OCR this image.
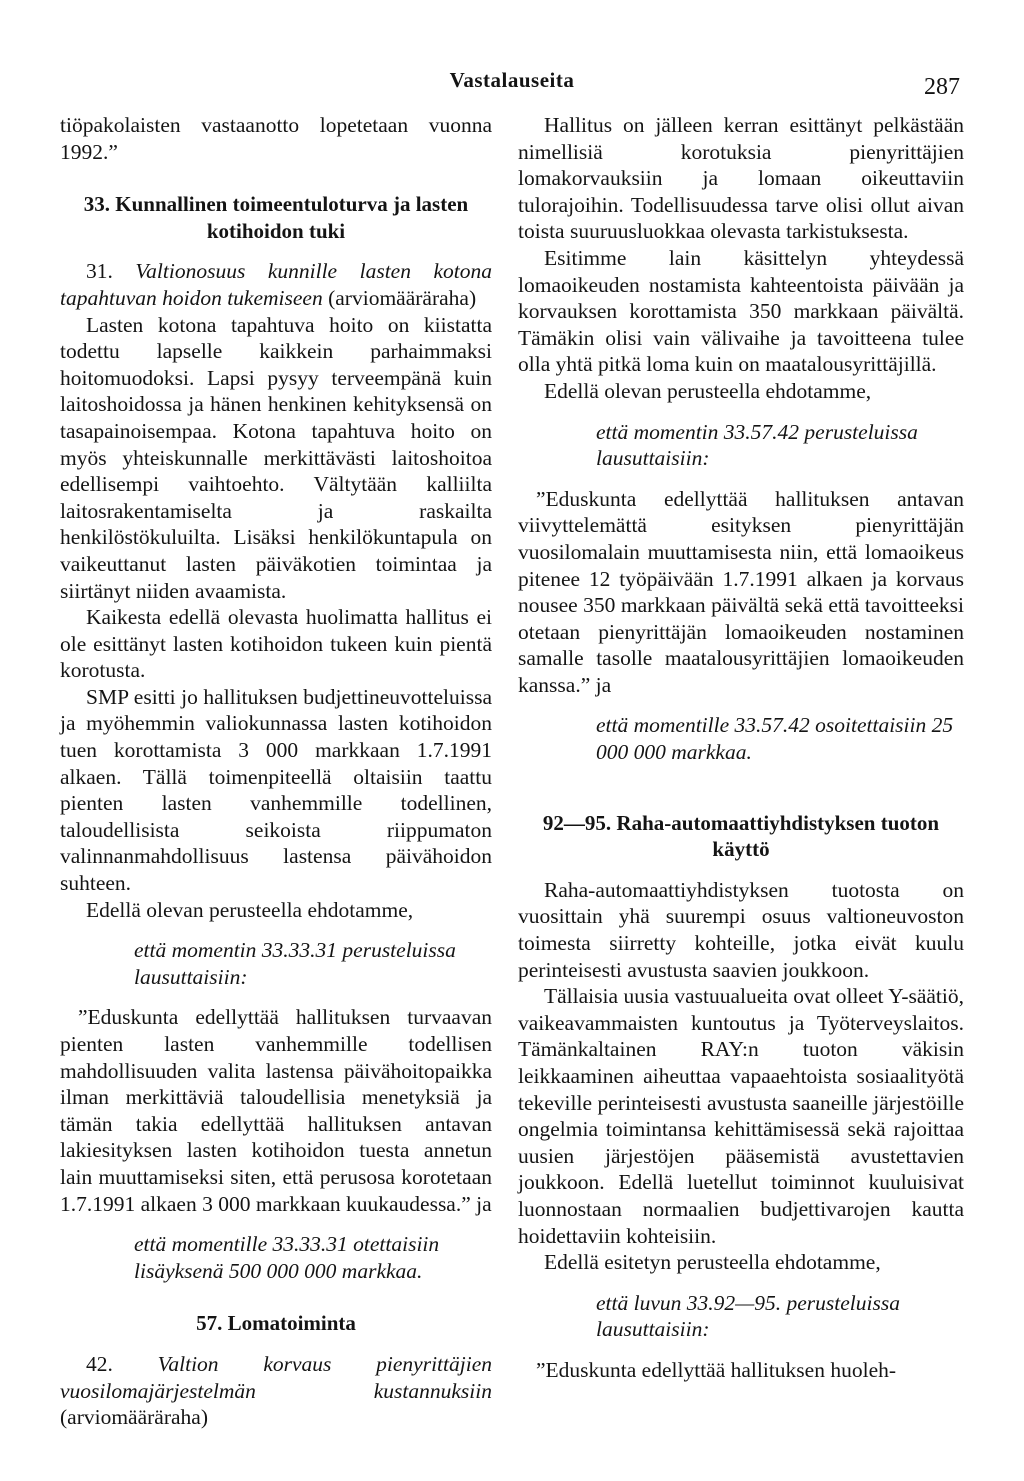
Vastalauseita	287

tiöpakolaisten vastaanotto lopetetaan vuonna 1992.”

33. Kunnallinen toimeentuloturva ja lasten kotihoidon tuki

31. Valtionosuus kunnille lasten kotona tapahtuvan hoidon tukemiseen (arviomääräraha)

Lasten kotona tapahtuva hoito on kiistatta todettu lapselle kaikkein parhaimmaksi hoitomuodoksi. Lapsi pysyy terveempänä kuin laitoshoidossa ja hänen henkinen kehityksensä on tasapainoisempaa. Kotona tapahtuva hoito on myös yhteiskunnalle merkittävästi laitoshoitoa edellisempi vaihtoehto. Vältytään kalliilta laitosrakentamiselta ja raskailta henkilöstökuluilta. Lisäksi henkilökuntapula on vaikeuttanut lasten päiväkotien toimintaa ja siirtänyt niiden avaamista.

Kaikesta edellä olevasta huolimatta hallitus ei ole esittänyt lasten kotihoidon tukeen kuin pientä korotusta.

SMP esitti jo hallituksen budjettineuvotteluissa ja myöhemmin valiokunnassa lasten kotihoidon tuen korottamista 3 000 markkaan 1.7.1991 alkaen. Tällä toimenpiteellä oltaisiin taattu pienten lasten vanhemmille todellinen, taloudellisista seikoista riippumaton valinnanmahdollisuus lastensa päivähoidon suhteen.

Edellä olevan perusteella ehdotamme,

että momentin 33.33.31 perusteluissa lausuttaisiin:

”Eduskunta edellyttää hallituksen turvaavan pienten lasten vanhemmille todellisen mahdollisuuden valita lastensa päivähoitopaikka ilman merkittäviä taloudellisia menetyksiä ja tämän takia edellyttää hallituksen antavan lakiesityksen lasten kotihoidon tuesta annetun lain muuttamiseksi siten, että perusosa korotetaan 1.7.1991 alkaen 3 000 markkaan kuukaudessa.” ja

että momentille 33.33.31 otettaisiin lisäyksenä 500 000 000 markkaa.

57. Lomatoiminta

42. Valtion korvaus pienyrittäjien vuosilomajärjestelmän kustannuksiin (arviomääräraha)

Hallitus on jälleen kerran esittänyt pelkästään nimellisiä korotuksia pienyrittäjien lomakorvauksiin ja lomaan oikeuttaviin tulorajoihin. Todellisuudessa tarve olisi ollut aivan toista suuruusluokkaa olevasta tarkistuksesta.

Esitimme lain käsittelyn yhteydessä lomaoikeuden nostamista kahteentoista päivään ja korvauksen korottamista 350 markkaan päivältä. Tämäkin olisi vain välivaihe ja tavoitteena tulee olla yhtä pitkä loma kuin on maatalousyrittäjillä.

Edellä olevan perusteella ehdotamme,

että momentin 33.57.42 perusteluissa lausuttaisiin:

”Eduskunta edellyttää hallituksen antavan viivyttelemättä esityksen pienyrittäjän vuosilomalain muuttamisesta niin, että lomaoikeus pitenee 12 työpäivään 1.7.1991 alkaen ja korvaus nousee 350 markkaan päivältä sekä että tavoitteeksi otetaan pienyrittäjän lomaoikeuden nostaminen samalle tasolle maatalousyrittäjien lomaoikeuden kanssa.” ja

että momentille 33.57.42 osoitettaisiin 25 000 000 markkaa.

92—95. Raha-automaattiyhdistyksen tuoton käyttö

Raha-automaattiyhdistyksen tuotosta on vuosittain yhä suurempi osuus valtioneuvoston toimesta siirretty kohteille, jotka eivät kuulu perinteisesti avustusta saavien joukkoon.

Tällaisia uusia vastuualueita ovat olleet Y-säätiö, vaikeavammaisten kuntoutus ja Työterveyslaitos. Tämänkaltainen RAY:n tuoton väkisin leikkaaminen aiheuttaa vapaaehtoista sosiaalityötä tekeville perinteisesti avustusta saaneille järjestöille ongelmia toimintansa kehittämisessä sekä rajoittaa uusien järjestöjen pääsemistä avustettavien joukkoon. Edellä luetellut toiminnot kuuluisivat luonnostaan normaalien budjettivarojen kautta hoidettaviin kohteisiin.

Edellä esitetyn perusteella ehdotamme,

että luvun 33.92—95. perusteluissa lausuttaisiin:

”Eduskunta edellyttää hallituksen huoleh-
